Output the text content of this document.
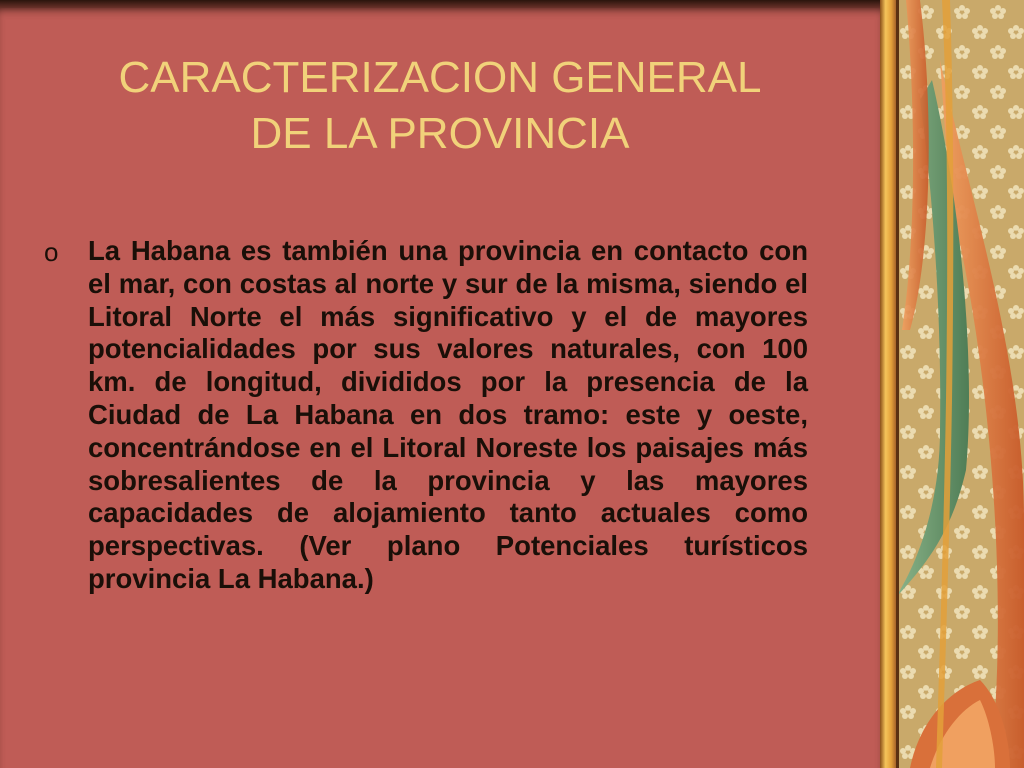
CARACTERIZACION GENERAL
DE LA PROVINCIA
o La Habana es también una provincia en contacto con el mar, con costas al norte y sur de la misma, siendo el Litoral Norte el más significativo y el de mayores potencialidades por sus valores naturales, con 100 km. de longitud, divididos por la presencia de la Ciudad de La Habana en dos tramo: este y oeste, concentrándose en el Litoral Noreste los paisajes más sobresalientes de la provincia y las mayores capacidades de alojamiento tanto actuales como perspectivas. (Ver plano Potenciales turísticos provincia La Habana.)
